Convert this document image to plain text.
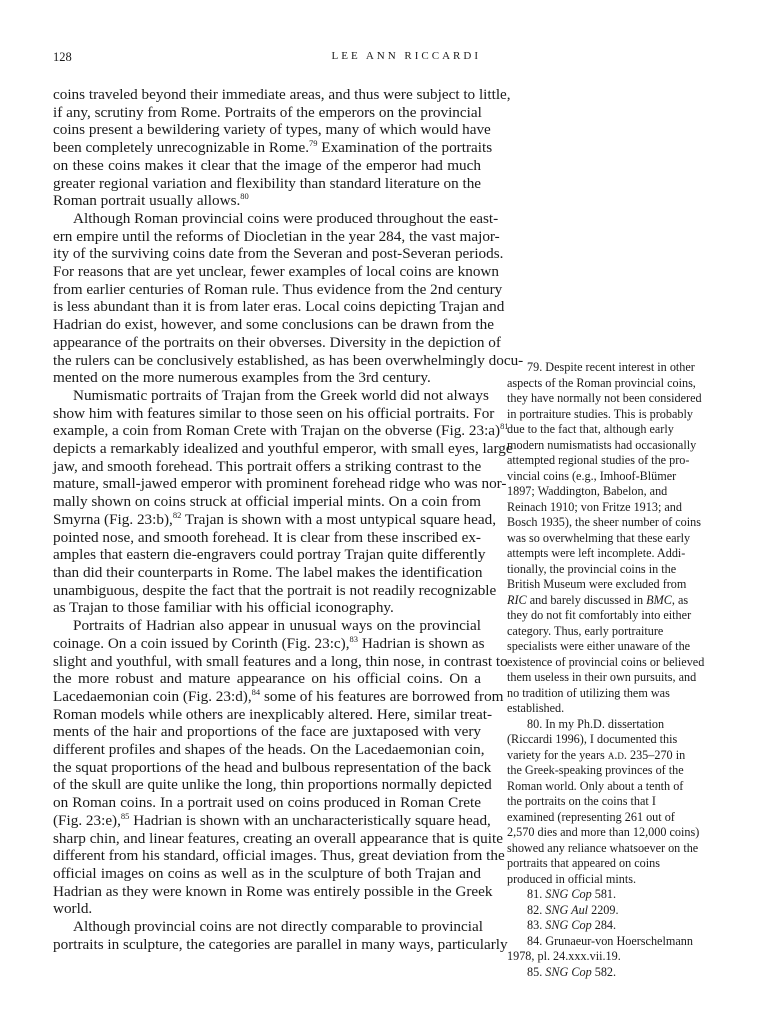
128	LEE ANN RICCARDI

coins traveled beyond their immediate areas, and thus were subject to little,
if any, scrutiny from Rome. Portraits of the emperors on the provincial
coins present a bewildering variety of types, many of which would have
been completely unrecognizable in Rome.$^{79}$ Examination of the portraits
on these coins makes it clear that the image of the emperor had much
greater regional variation and flexibility than standard literature on the
Roman portrait usually allows.$^{80}$

Although Roman provincial coins were produced throughout the east-
ern empire until the reforms of Diocletian in the year 284, the vast major-
ity of the surviving coins date from the Severan and post-Severan periods.
For reasons that are yet unclear, fewer examples of local coins are known
from earlier centuries of Roman rule. Thus evidence from the 2nd century
is less abundant than it is from later eras. Local coins depicting Trajan and
Hadrian do exist, however, and some conclusions can be drawn from the
appearance of the portraits on their obverses. Diversity in the depiction of
the rulers can be conclusively established, as has been overwhelmingly docu-
mented on the more numerous examples from the 3rd century.

Numismatic portraits of Trajan from the Greek world did not always
show him with features similar to those seen on his official portraits. For
example, a coin from Roman Crete with Trajan on the obverse (Fig. 23:a)$^{81}$
depicts a remarkably idealized and youthful emperor, with small eyes, large
jaw, and smooth forehead. This portrait offers a striking contrast to the
mature, small-jawed emperor with prominent forehead ridge who was nor-
mally shown on coins struck at official imperial mints. On a coin from
Smyrna (Fig. 23:b),$^{82}$ Trajan is shown with a most untypical square head,
pointed nose, and smooth forehead. It is clear from these inscribed ex-
amples that eastern die-engravers could portray Trajan quite differently
than did their counterparts in Rome. The label makes the identification
unambiguous, despite the fact that the portrait is not readily recognizable
as Trajan to those familiar with his official iconography.

Portraits of Hadrian also appear in unusual ways on the provincial
coinage. On a coin issued by Corinth (Fig. 23:c),$^{83}$ Hadrian is shown as
slight and youthful, with small features and a long, thin nose, in contrast to
the more robust and mature appearance on his official coins. On a
Lacedaemonian coin (Fig. 23:d),$^{84}$ some of his features are borrowed from
Roman models while others are inexplicably altered. Here, similar treat-
ments of the hair and proportions of the face are juxtaposed with very
different profiles and shapes of the heads. On the Lacedaemonian coin,
the squat proportions of the head and bulbous representation of the back
of the skull are quite unlike the long, thin proportions normally depicted
on Roman coins. In a portrait used on coins produced in Roman Crete
(Fig. 23:e),$^{85}$ Hadrian is shown with an uncharacteristically square head,
sharp chin, and linear features, creating an overall appearance that is quite
different from his standard, official images. Thus, great deviation from the
official images on coins as well as in the sculpture of both Trajan and
Hadrian as they were known in Rome was entirely possible in the Greek
world.

Although provincial coins are not directly comparable to provincial
portraits in sculpture, the categories are parallel in many ways, particularly

79. Despite recent interest in other
aspects of the Roman provincial coins,
they have normally not been considered
in portraiture studies. This is probably
due to the fact that, although early
modern numismatists had occasionally
attempted regional studies of the pro-
vincial coins (e.g., Imhoof-Blümer
1897; Waddington, Babelon, and
Reinach 1910; von Fritze 1913; and
Bosch 1935), the sheer number of coins
was so overwhelming that these early
attempts were left incomplete. Addi-
tionally, the provincial coins in the
British Museum were excluded from
RIC and barely discussed in BMC, as
they do not fit comfortably into either
category. Thus, early portraiture
specialists were either unaware of the
existence of provincial coins or believed
them useless in their own pursuits, and
no tradition of utilizing them was
established.
80. In my Ph.D. dissertation
(Riccardi 1996), I documented this
variety for the years a.d. 235–270 in
the Greek-speaking provinces of the
Roman world. Only about a tenth of
the portraits on the coins that I
examined (representing 261 out of
2,570 dies and more than 12,000 coins)
showed any reliance whatsoever on the
portraits that appeared on coins
produced in official mints.
81. SNG Cop 581.
82. SNG Aul 2209.
83. SNG Cop 284.
84. Grunaeur-von Hoerschelmann
1978, pl. 24.xxx.vii.19.
85. SNG Cop 582.
